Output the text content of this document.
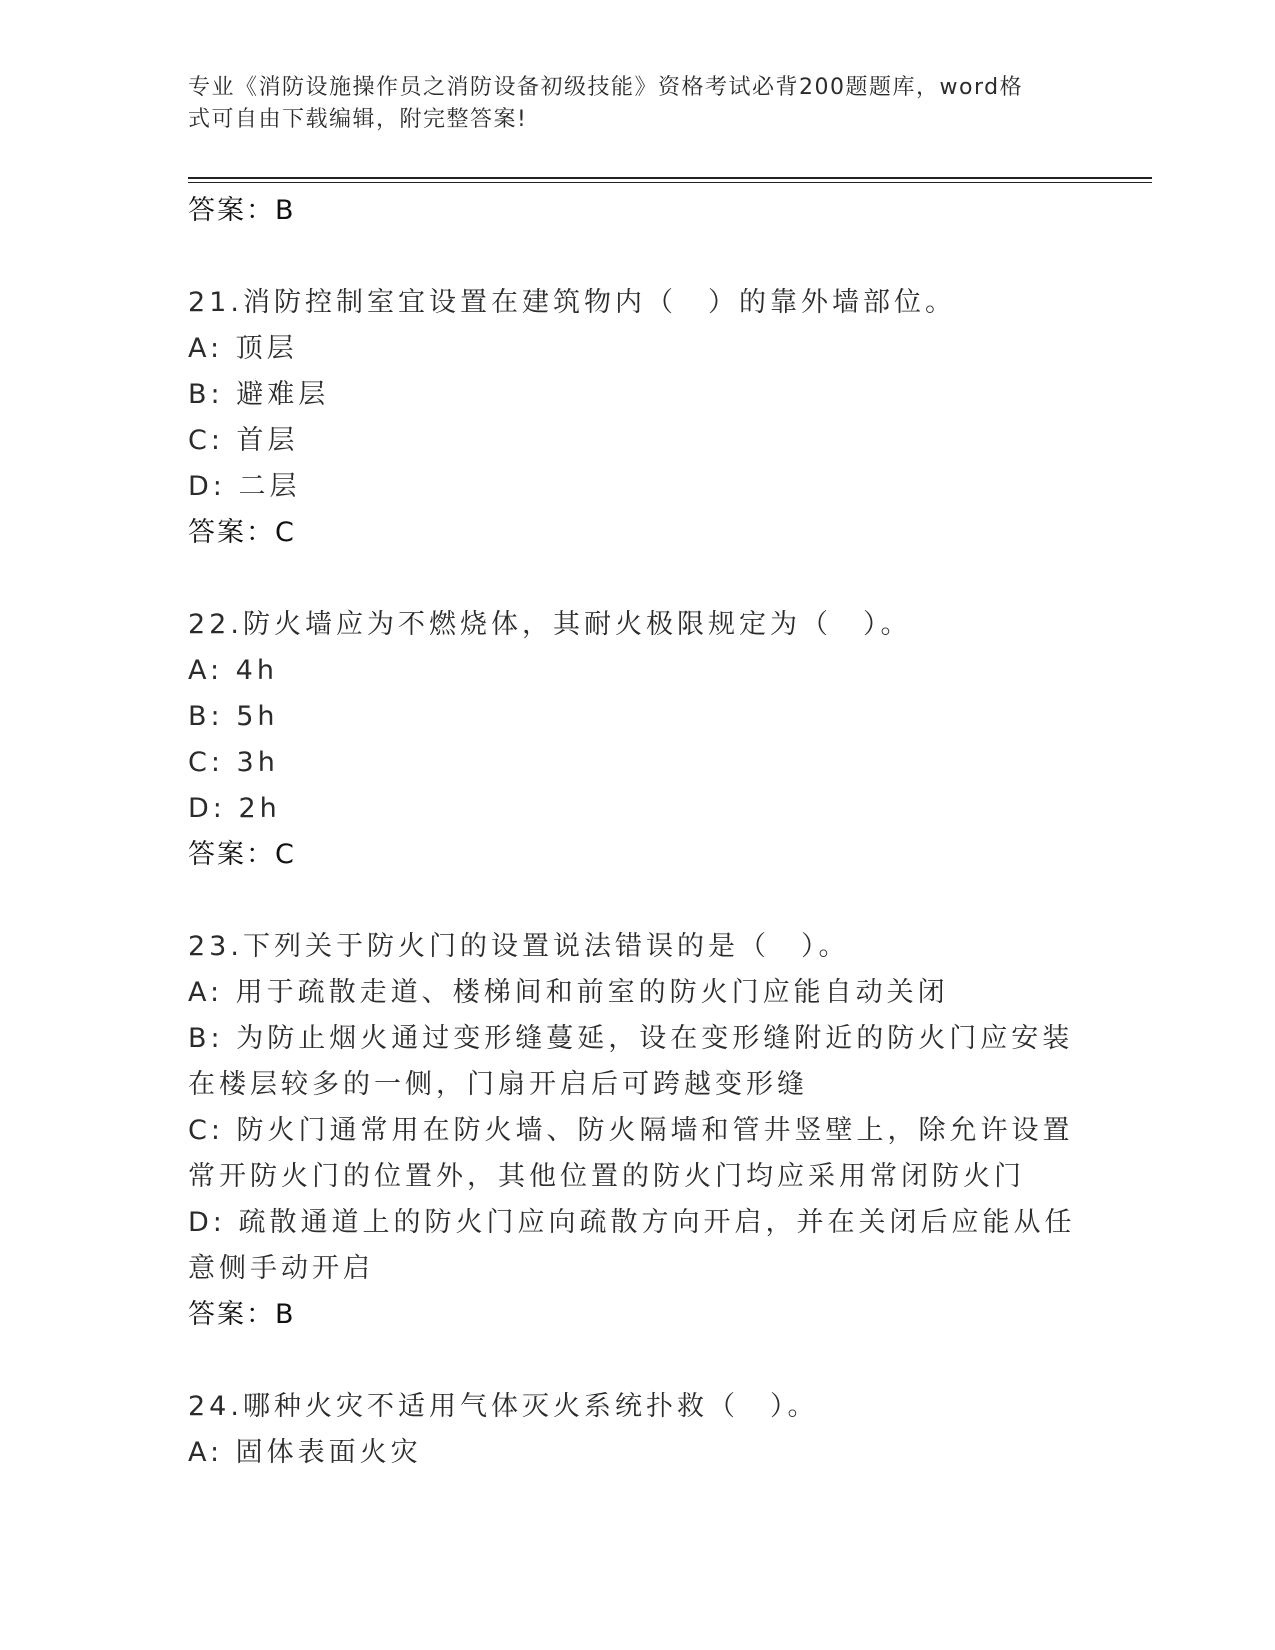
专业《消防设施操作员之消防设备初级技能》资格考试必背200题题库，word格
式可自由下载编辑，附完整答案!
答案：B
21.消防控制室宜设置在建筑物内（　）的靠外墙部位。
A: 顶层
B: 避难层
C: 首层
D: 二层
答案：C
22.防火墙应为不燃烧体，其耐火极限规定为（　）。
A: 4h
B: 5h
C: 3h
D: 2h
答案：C
23.下列关于防火门的设置说法错误的是（　）。
A: 用于疏散走道、楼梯间和前室的防火门应能自动关闭
B: 为防止烟火通过变形缝蔓延，设在变形缝附近的防火门应安装在楼层较多的一侧，门扇开启后可跨越变形缝
C: 防火门通常用在防火墙、防火隔墙和管井竖壁上，除允许设置常开防火门的位置外，其他位置的防火门均应采用常闭防火门
D: 疏散通道上的防火门应向疏散方向开启，并在关闭后应能从任意侧手动开启
答案：B
24.哪种火灾不适用气体灭火系统扑救（　）。
A: 固体表面火灾
